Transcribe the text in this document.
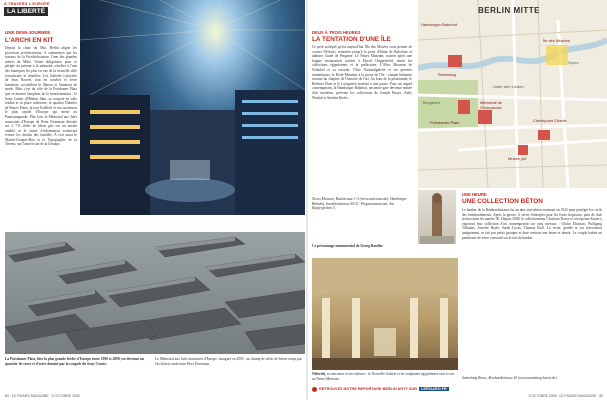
À TRAVERS L'EUROPE
LA LIBERTÉ
UNE DEMI-JOURNÉE
L'ARCHI EN KIT
Depuis la chute du Mur, Berlin aligne les processus architecturaux. A commencer par les travaux de la Friedrichstrasse, l'une des grandes artères de Mitte. Voisin obligatoire, pour ce périple du présent à la mémoire, s'arrêter à l'une des boutiques les plus en vue de la nouvelle ville reconstruite et réunifiée. Les Galeries Lafayette de Jean Nouvel, tout en courbes et verre lumineux, accueillent le flâneur et l'amateur de mode. Mais c'est du côté de la Potsdamer Platz que se mesure l'ampleur de la transformation : le Sony Center d'Helmut Jahn, sa coupole en toile tendue et sa place intérieure, le quartier Daimler de Renzo Piano, la tour Kollhoff et son ascenseur le plus rapide d'Europe qui mène au Panoramapunkt. Plus loin, le Mémorial aux Juifs assassinés d'Europe de Peter Eisenman déroule ses 2 711 stèles de béton gris sur un terrain ondulé, et le centre d'information souterrain retrace les destins des familles. A voir aussi le Martin-Gropius-Bau et la Topographie de la Terreur, sur l'ancien site de la Gestapo.
La Potsdamer Platz, hier la plus grande friche d'Europe entre 1990 et 2000, est devenue un quartier de verre et d'acier dominé par la coupole du Sony Center.
Le Mémorial aux Juifs assassinés d'Europe, inauguré en 2005 : un champ de stèles de béton conçu par l'architecte américain Peter Eisenman.
84 · LE FIGARO MAGAZINE · 3 OCTOBRE 2008
DEUX À TROIS HEURES
LA TENTATION D'UNE ÎLE
Ce petit archipel qu'est aujourd'hui l'île des Musées vous permet de croiser Néfertiti, remonter jusqu'à la porte d'Ishtar de Babylone et admirer l'autel de Pergame. Le Neues Museum, rouvert après une longue restauration confiée à David Chipperfield, réunit les collections égyptiennes et la préhistoire. L'Altes Museum de Schinkel et sa rotonde, l'Alte Nationalgalerie et ses peintres romantiques, le Bode-Museum à la proue de l'île : chaque bâtiment raconte un chapitre de l'histoire de l'art. Au bout de la promenade, le Berliner Dom et le Lustgarten invitent à une pause. Pour un regard contemporain, la Hamburger Bahnhof, ancienne gare devenue musée d'art moderne, présente les collections de Joseph Beuys, Andy Warhol et Anselm Kiefer.
Neues Museum, Bodestrasse 1-3 (www.smb.museum). Hamburger Bahnhof, Invalidenstrasse 50-51. Pergamonmuseum, Am Kupfergraben 5.
Ce personnage monumental de Georg Baselitz
BERLIN MITTE
Hamburger Bahnhof
Île des Musées
Reichstag
Potsdamer Platz
Mémorial de l'Holocauste
Checkpoint Charlie
Musée juif
Spree
Unter den Linden
Tiergarten
UNE HEURE
UNE COLLECTION BÉTON
Le bunker de la Reinhardtstrasse fut un abri anti-aérien construit en 1942 pour protéger les civils des bombardements. Après la guerre, il servit d'entrepôt pour les fruits tropicaux, puis de club techno dans les années 90. Depuis 2008, le collectionneur Christian Boros et son épouse Karen y exposent leur collection d'art contemporain sur cinq niveaux : Olafur Eliasson, Wolfgang Tillmans, Anselm Reyle, Sarah Lucas, Thomas Ruff. La visite, guidée et sur réservation uniquement, se fait par petits groupes et dure environ une heure et demie. Le couple habite un penthouse de verre construit sur le toit du bunker.
Sammlung Boros, Reinhardtstrasse 20 (www.sammlung-boros.de).
Néfertiti, sa rencontre et ses cultures : la Nouvelle Galerie et les sculptures égyptiennes sont à voir au Neues Museum.
RETROUVEZ NOTRE REPORTAGE BERLIN ARTY SUR	LEFIGARO.FR
3 OCTOBRE 2008 · LE FIGARO MAGAZINE · 85
